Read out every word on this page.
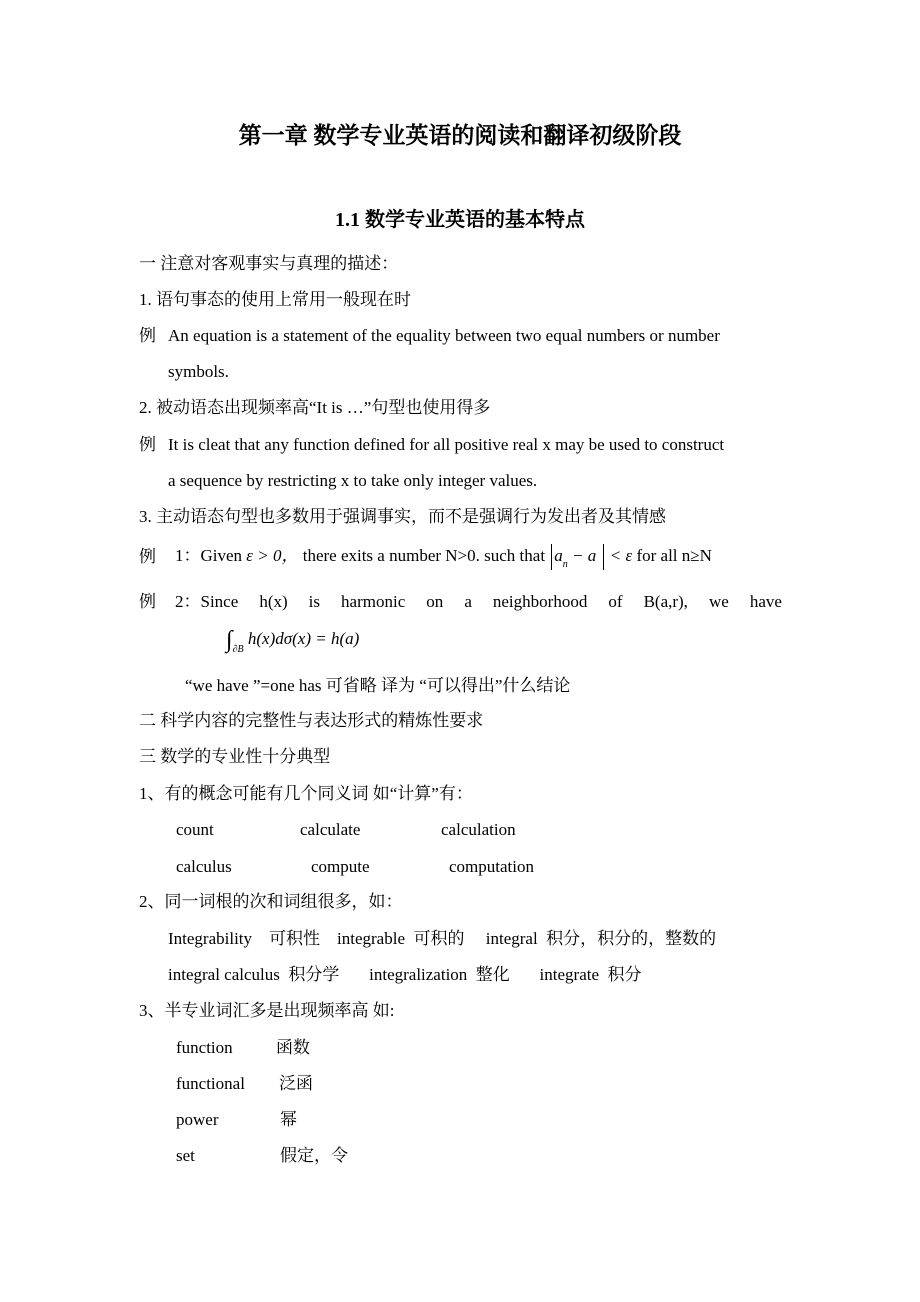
第一章 数学专业英语的阅读和翻译初级阶段
1.1 数学专业英语的基本特点
一 注意对客观事实与真理的描述：
1. 语句事态的使用上常用一般现在时
例 An equation is a statement of the equality between two equal numbers or number
symbols.
2. 被动语态出现频率高“It is …”句型也使用得多
例 It is cleat that any function defined for all positive real x may be used to construct
a sequence by restricting x to take only integer values.
3. 主动语态句型也多数用于强调事实，而不是强调行为发出者及其情感
例 1：Given ε > 0， there exits a number N>0. such that $a_n - a < \varepsilon$ for all n≥N
例 2：Since h(x) is harmonic on a neighborhood of B(a,r), we have
$\int_{\partial B}$ h(x)dσ(x) = h(a)
“we have ”=one has 可省略 译为 “可以得出”什么结论
二 科学内容的完整性与表达形式的精炼性要求
三 数学的专业性十分典型
1、有的概念可能有几个同义词 如“计算”有：
count	calculate	calculation
calculus	compute	computation
2、同一词根的次和词组很多，如：
Integrability    可积性    integrable  可积的     integral  积分，积分的，整数的
integral calculus  积分学       integralization  整化       integrate  积分
3、半专业词汇多是出现频率高 如:
function	函数
functional 泛函
power	幂
set	假定，令
